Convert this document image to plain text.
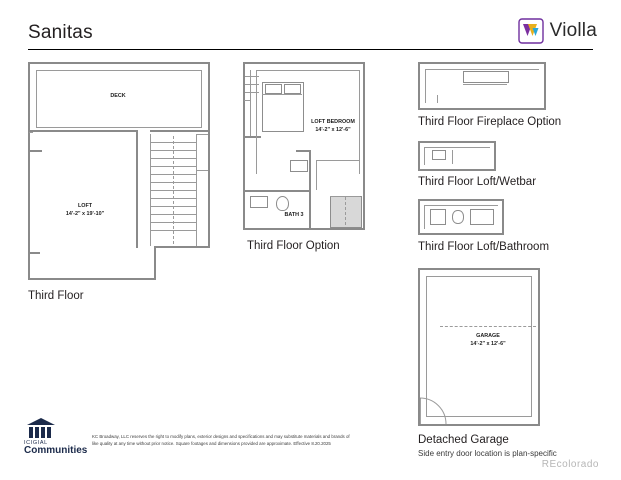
Sanitas	Violla
DECK
LOFT
14'-2" x 19'-10"
Third Floor
LOFT BEDROOM
14'-2" x 12'-6"
BATH 3
Third Floor Option
Third Floor Fireplace Option
Third Floor Loft/Wetbar
Third Floor Loft/Bathroom
GARAGE
14'-2" x 12'-6"
Detached Garage
Side entry door location is plan-specific
ICIGIAL
Communities
KC Broadway, LLC reserves the right to modify plans, exterior designs and specifications and may substitute materials and brands of like quality at any time without prior notice. Square footages and dimensions provided are approximate. Effective 8.20.2025
REcolorado
